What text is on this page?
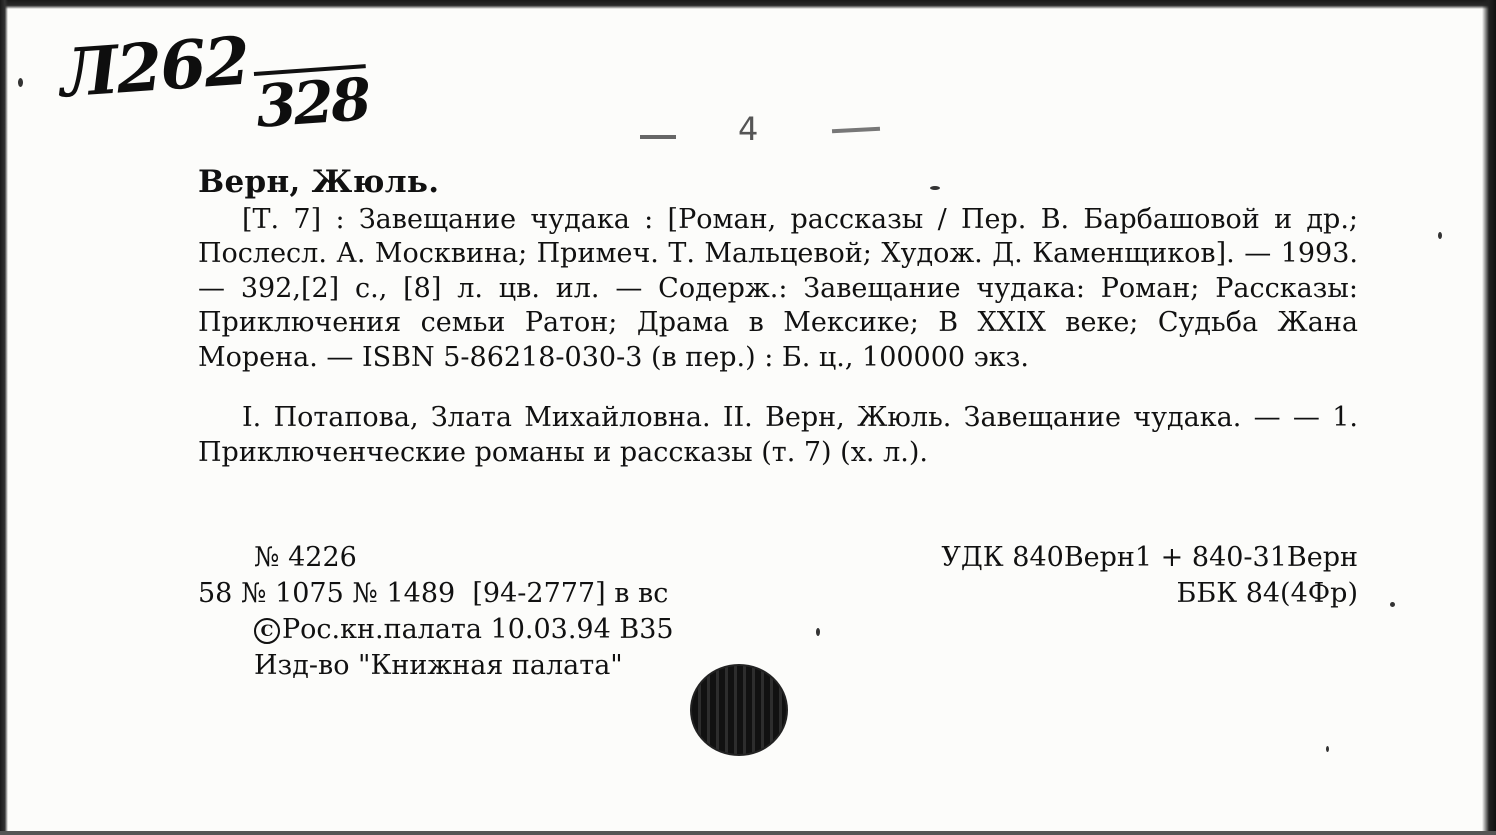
Л262 328	4
Верн, Жюль.

[Т. 7] : Завещание чудака : [Роман, рассказы / Пер. В. Барбашовой и др.; Послесл. А. Москвина; Примеч. Т. Мальцевой; Худож. Д. Каменщиков]. — 1993. — 392,[2] с., [8] л. цв. ил. — Содерж.: Завещание чудака: Роман; Рассказы: Приключения семьи Ратон; Драма в Мексике; В XXIX веке; Судьба Жана Морена. — ISBN 5-86218-030-3 (в пер.) : Б. ц., 100000 экз.

I. Потапова, Злата Михайловна. II. Верн, Жюль. Завещание чудака. — — 1. Приключенческие романы и рассказы (т. 7) (х. л.).

№ 4226
58 № 1075 № 1489  [94-2777] в вс
C Рос.кн.палата 10.03.94 В35
Изд-во "Книжная палата"
УДК 840Верн1 + 840-31Верн
ББК 84(4Фр)
